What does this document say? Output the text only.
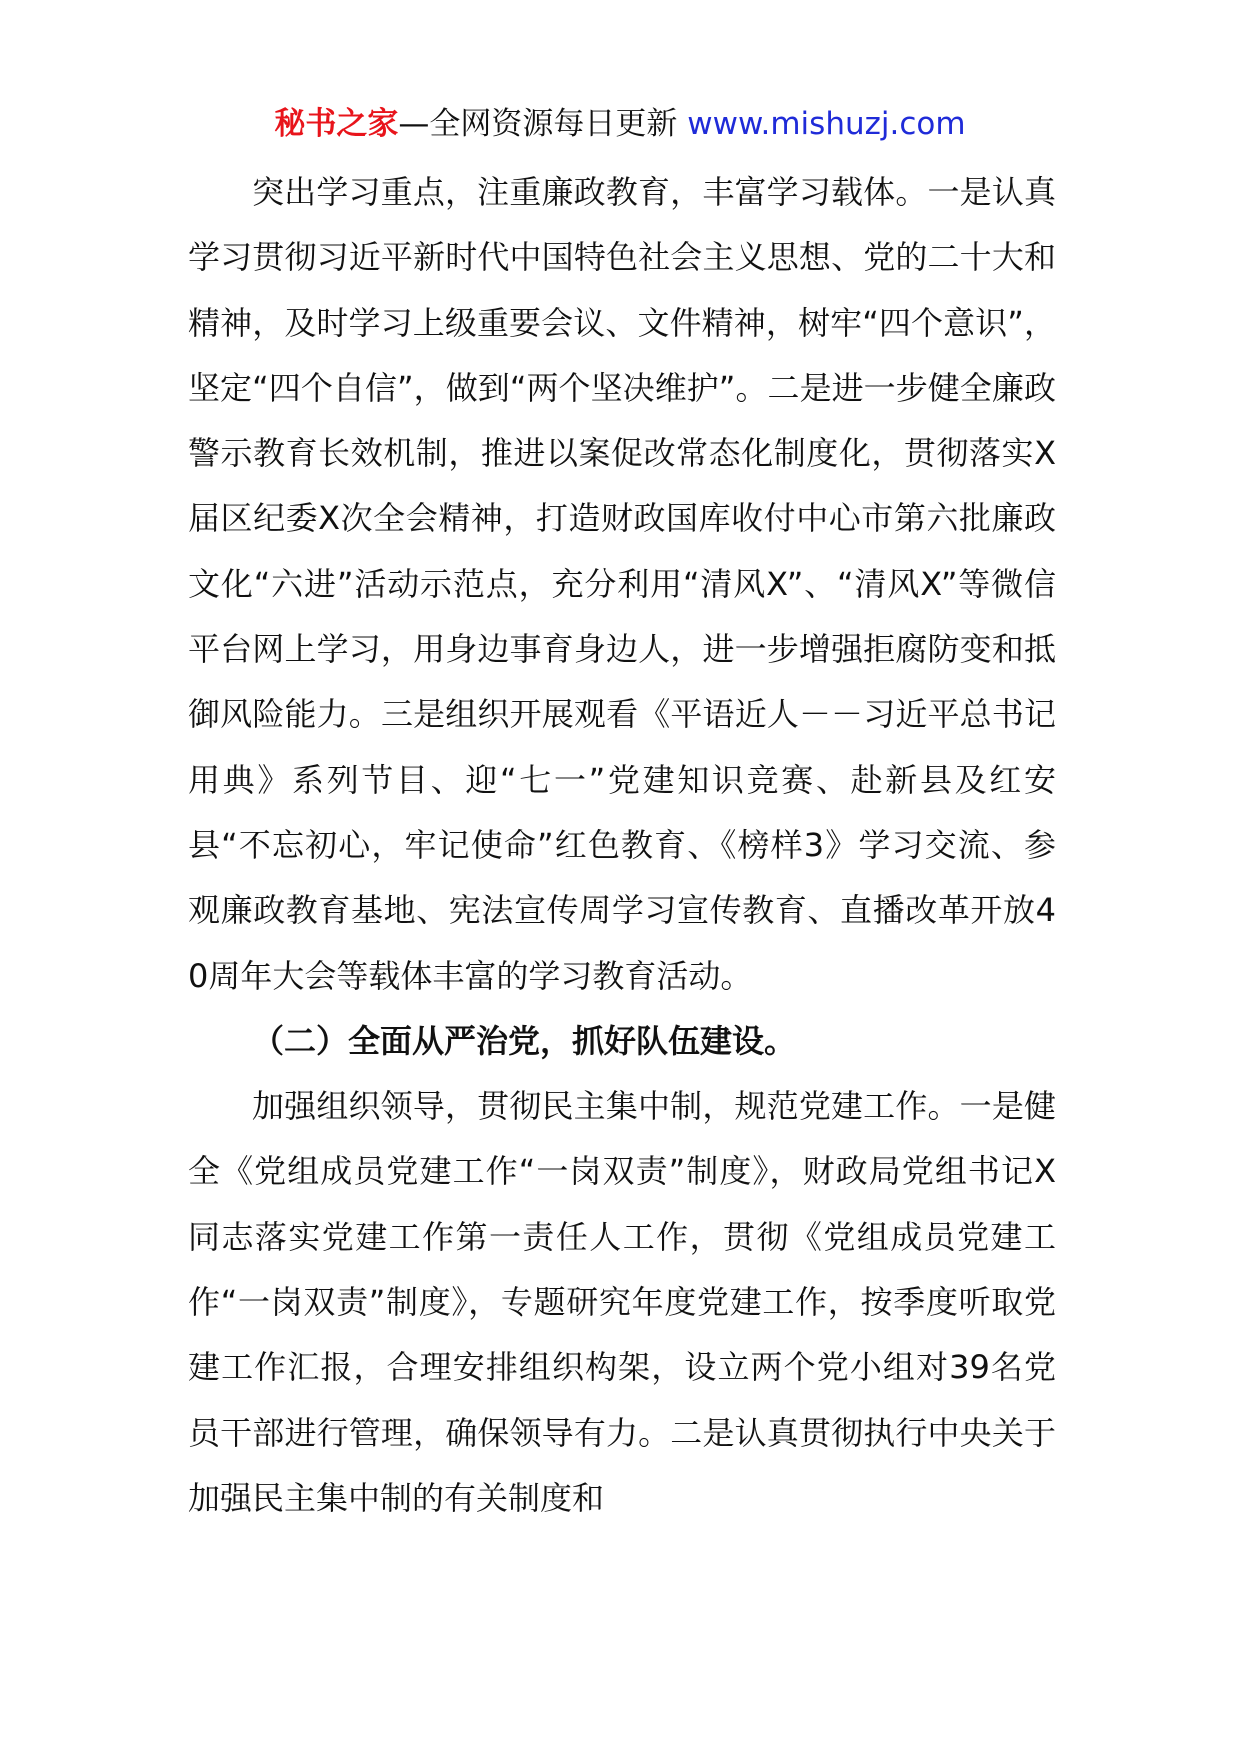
秘书之家—全网资源每日更新 www.mishuzj.com

突出学习重点，注重廉政教育，丰富学习载体。一是认真学习贯彻习近平新时代中国特色社会主义思想、党的二十大和精神，及时学习上级重要会议、文件精神，树牢“四个意识”，坚定“四个自信”，做到“两个坚决维护”。二是进一步健全廉政警示教育长效机制，推进以案促改常态化制度化，贯彻落实X届区纪委X次全会精神，打造财政国库收付中心市第六批廉政文化“六进”活动示范点，充分利用“清风X”、“清风X”等微信平台网上学习，用身边事育身边人，进一步增强拒腐防变和抵御风险能力。三是组织开展观看《平语近人－－习近平总书记用典》系列节目、迎“七一”党建知识竞赛、赴新县及红安县“不忘初心，牢记使命”红色教育、《榜样3》学习交流、参观廉政教育基地、宪法宣传周学习宣传教育、直播改革开放40周年大会等载体丰富的学习教育活动。

（二）全面从严治党，抓好队伍建设。

加强组织领导，贯彻民主集中制，规范党建工作。一是健全《党组成员党建工作“一岗双责”制度》，财政局党组书记X同志落实党建工作第一责任人工作，贯彻《党组成员党建工作“一岗双责”制度》，专题研究年度党建工作，按季度听取党建工作汇报，合理安排组织构架，设立两个党小组对39名党员干部进行管理，确保领导有力。二是认真贯彻执行中央关于加强民主集中制的有关制度和
